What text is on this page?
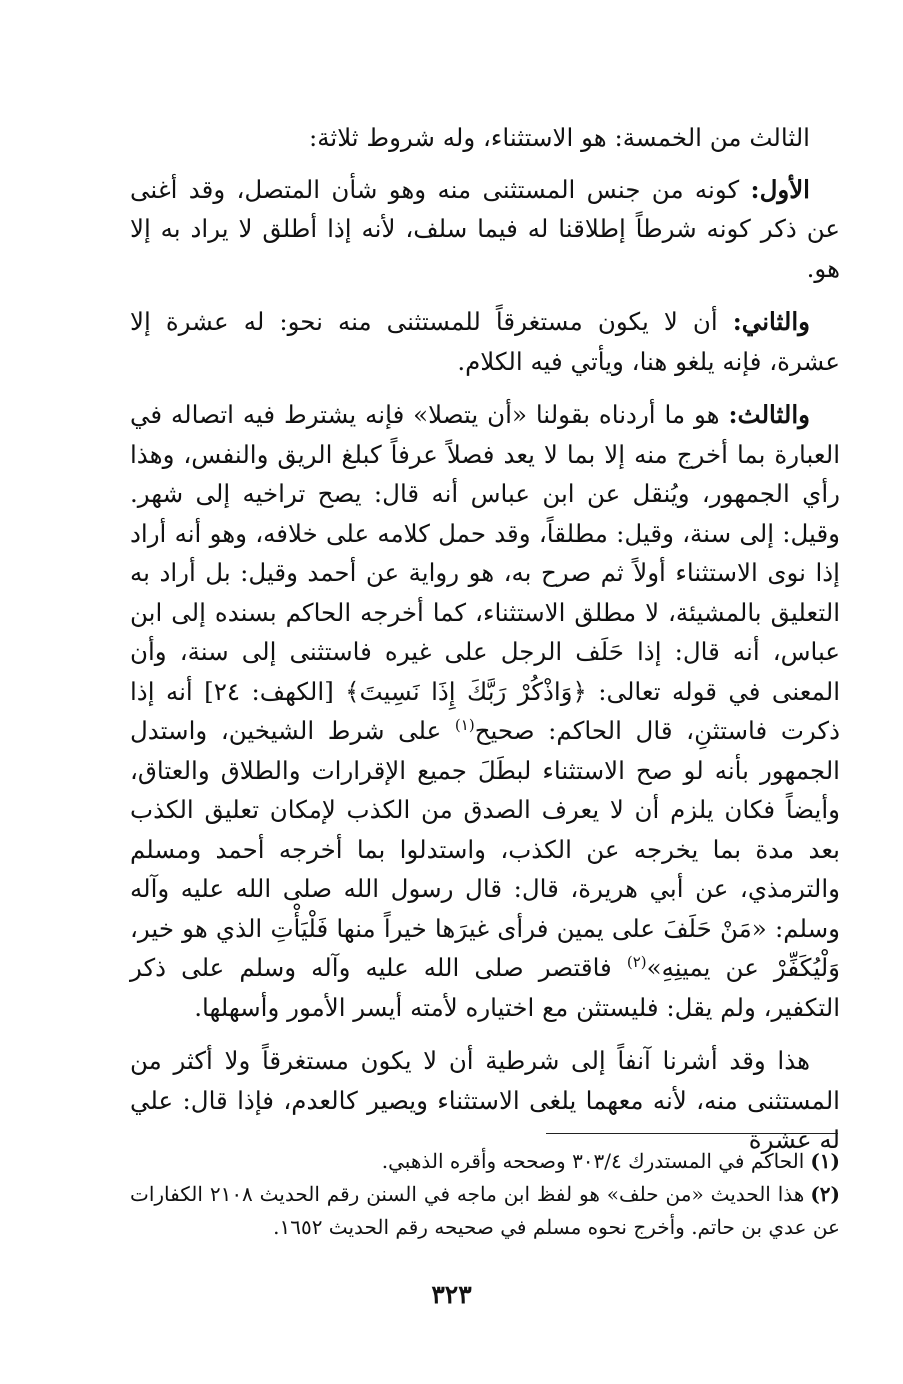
الثالث من الخمسة: هو الاستثناء، وله شروط ثلاثة:

الأول: كونه من جنس المستثنى منه وهو شأن المتصل، وقد أغنى عن ذكر كونه شرطاً إطلاقنا له فيما سلف، لأنه إذا أطلق لا يراد به إلا هو.

والثاني: أن لا يكون مستغرقاً للمستثنى منه نحو: له عشرة إلا عشرة، فإنه يلغو هنا، ويأتي فيه الكلام.

والثالث: هو ما أردناه بقولنا «أن يتصلا» فإنه يشترط فيه اتصاله في العبارة بما أخرج منه إلا بما لا يعد فصلاً عرفاً كبلغ الريق والنفس، وهذا رأي الجمهور، ويُنقل عن ابن عباس أنه قال: يصح تراخيه إلى شهر. وقيل: إلى سنة، وقيل: مطلقاً، وقد حمل كلامه على خلافه، وهو أنه أراد إذا نوى الاستثناء أولاً ثم صرح به، هو رواية عن أحمد وقيل: بل أراد به التعليق بالمشيئة، لا مطلق الاستثناء، كما أخرجه الحاكم بسنده إلى ابن عباس، أنه قال: إذا حَلَف الرجل على غيره فاستثنى إلى سنة، وأن المعنى في قوله تعالى: ﴿وَاذْكُرْ رَبَّكَ إِذَا نَسِيتَ﴾ [الكهف: ٢٤] أنه إذا ذكرت فاستثنِ، قال الحاكم: صحيح$^{(١)}$ على شرط الشيخين، واستدل الجمهور بأنه لو صح الاستثناء لبطَلَ جميع الإقرارات والطلاق والعتاق، وأيضاً فكان يلزم أن لا يعرف الصدق من الكذب لإمكان تعليق الكذب بعد مدة بما يخرجه عن الكذب، واستدلوا بما أخرجه أحمد ومسلم والترمذي، عن أبي هريرة، قال: قال رسول الله صلى الله عليه وآله وسلم: «مَنْ حَلَفَ على يمين فرأى غيرَها خيراً منها فَلْيَأْتِ الذي هو خير، وَلْيُكَفِّرْ عن يمينِهِ»$^{(٢)}$ فاقتصر صلى الله عليه وآله وسلم على ذكر التكفير، ولم يقل: فليستثن مع اختياره لأمته أيسر الأمور وأسهلها.

هذا وقد أشرنا آنفاً إلى شرطية أن لا يكون مستغرقاً ولا أكثر من المستثنى منه، لأنه معهما يلغى الاستثناء ويصير كالعدم، فإذا قال: علي له عشرة

(١)الحاكم في المستدرك ٣٠٣/٤ وصححه وأقره الذهبي.

(٢)هذا الحديث «من حلف» هو لفظ ابن ماجه في السنن رقم الحديث ٢١٠٨ الكفارات عن عدي بن حاتم. وأخرج نحوه مسلم في صحيحه رقم الحديث ١٦٥٢.

٣٢٣
